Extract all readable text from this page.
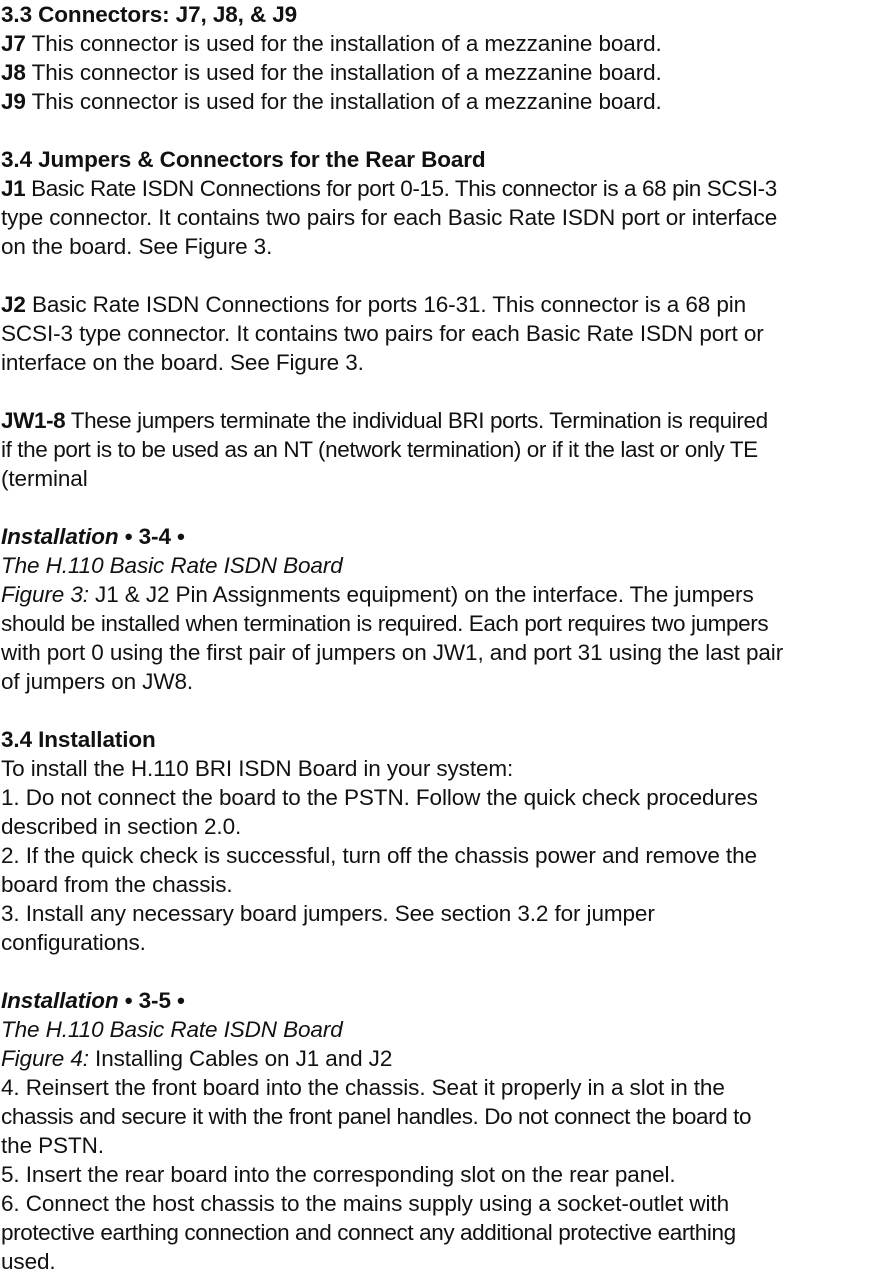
3.3 Connectors: J7, J8, & J9
J7 This connector is used for the installation of a mezzanine board.
J8 This connector is used for the installation of a mezzanine board.
J9 This connector is used for the installation of a mezzanine board.
3.4 Jumpers & Connectors for the Rear Board
J1 Basic Rate ISDN Connections for port 0-15. This connector is a 68 pin SCSI-3
type connector. It contains two pairs for each Basic Rate ISDN port or interface
on the board. See Figure 3.
J2 Basic Rate ISDN Connections for ports 16-31. This connector is a 68 pin
SCSI-3 type connector. It contains two pairs for each Basic Rate ISDN port or
interface on the board. See Figure 3.
JW1-8 These jumpers terminate the individual BRI ports. Termination is required
if the port is to be used as an NT (network termination) or if it the last or only TE
(terminal
Installation • 3-4 •
The H.110 Basic Rate ISDN Board
Figure 3: J1 & J2 Pin Assignments equipment) on the interface. The jumpers
should be installed when termination is required. Each port requires two jumpers
with port 0 using the first pair of jumpers on JW1, and port 31 using the last pair
of jumpers on JW8.
3.4 Installation
To install the H.110 BRI ISDN Board in your system:
1. Do not connect the board to the PSTN. Follow the quick check procedures
described in section 2.0.
2. If the quick check is successful, turn off the chassis power and remove the
board from the chassis.
3. Install any necessary board jumpers. See section 3.2 for jumper
configurations.
Installation • 3-5 •
The H.110 Basic Rate ISDN Board
Figure 4: Installing Cables on J1 and J2
4. Reinsert the front board into the chassis. Seat it properly in a slot in the
chassis and secure it with the front panel handles. Do not connect the board to
the PSTN.
5. Insert the rear board into the corresponding slot on the rear panel.
6. Connect the host chassis to the mains supply using a socket-outlet with
protective earthing connection and connect any additional protective earthing
used.
